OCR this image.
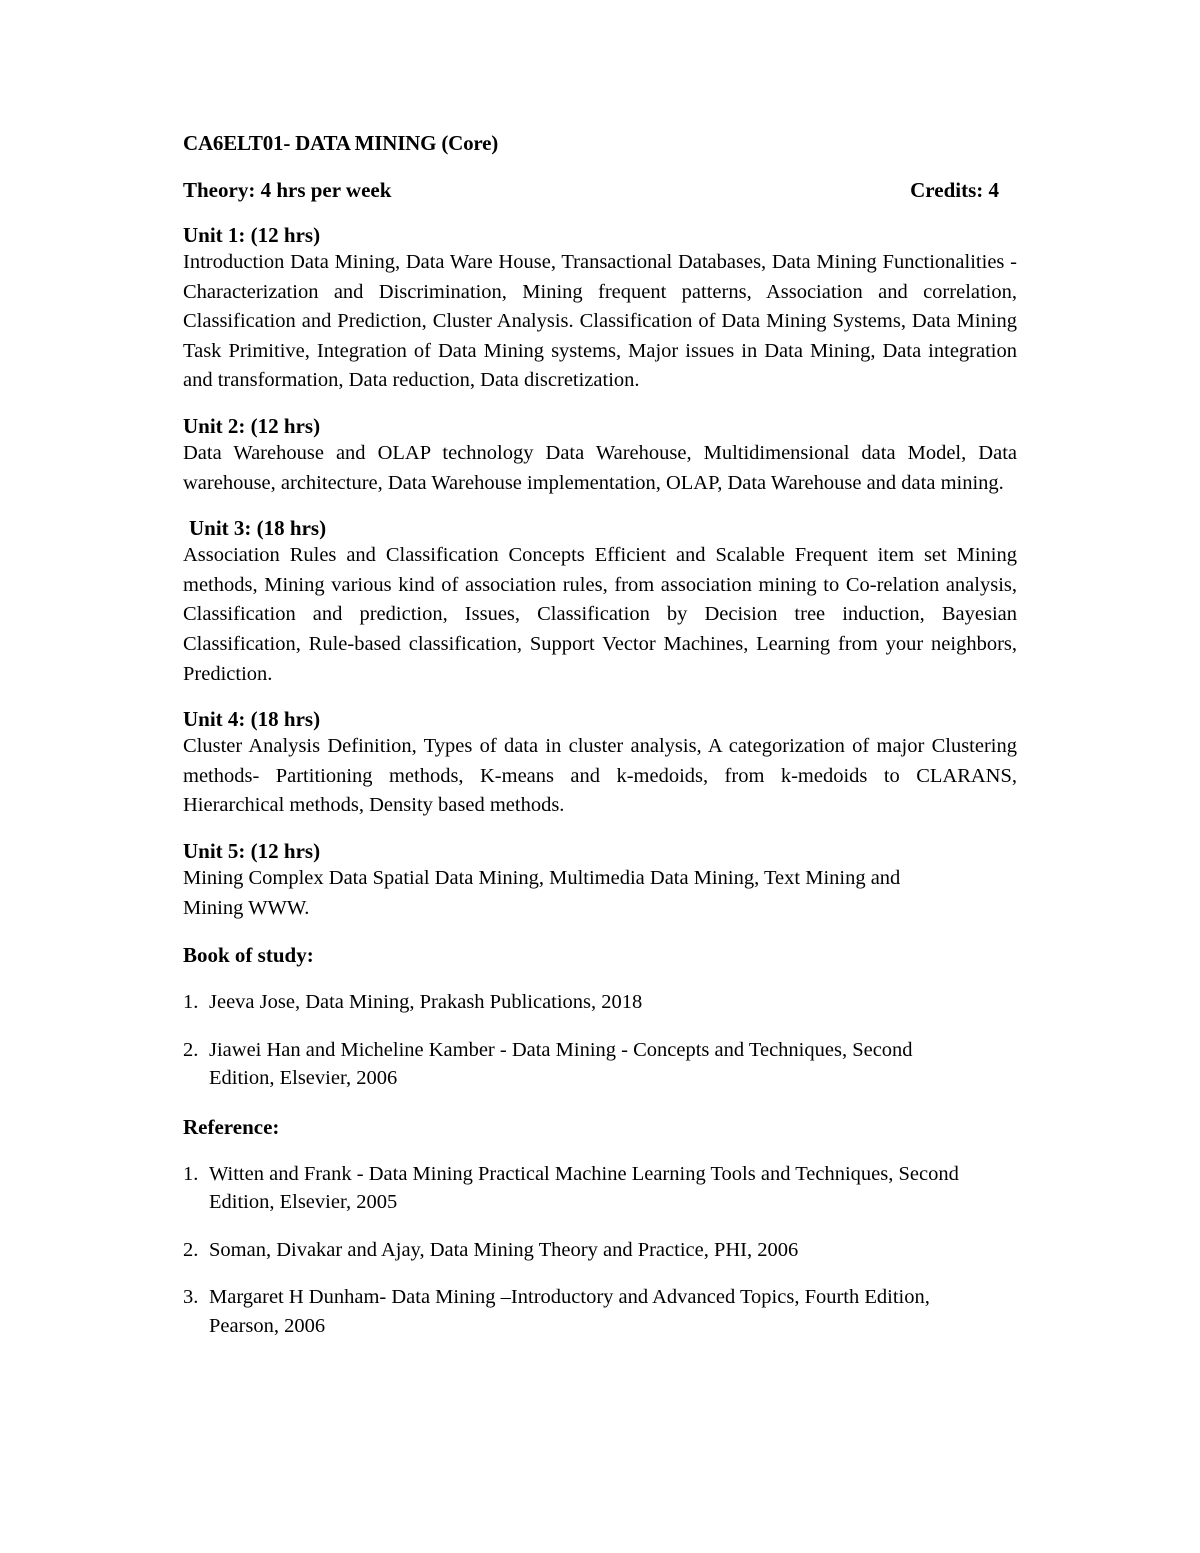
CA6ELT01- DATA MINING (Core)
Theory: 4 hrs per week	Credits: 4
Unit 1: (12 hrs)
Introduction Data Mining, Data Ware House, Transactional Databases, Data Mining Functionalities - Characterization and Discrimination, Mining frequent patterns, Association and correlation, Classification and Prediction, Cluster Analysis. Classification of Data Mining Systems, Data Mining Task Primitive, Integration of Data Mining systems, Major issues in Data Mining, Data integration and transformation, Data reduction, Data discretization.
Unit 2: (12 hrs)
Data Warehouse and OLAP technology Data Warehouse, Multidimensional data Model, Data warehouse, architecture, Data Warehouse implementation, OLAP, Data Warehouse and data mining.
Unit 3: (18 hrs)
Association Rules and Classification Concepts Efficient and Scalable Frequent item set Mining methods, Mining various kind of association rules, from association mining to Co-relation analysis, Classification and prediction, Issues, Classification by Decision tree induction, Bayesian Classification, Rule-based classification, Support Vector Machines, Learning from your neighbors, Prediction.
Unit 4: (18 hrs)
Cluster Analysis Definition, Types of data in cluster analysis, A categorization of major Clustering methods- Partitioning methods, K-means and k-medoids, from k-medoids to CLARANS, Hierarchical methods, Density based methods.
Unit 5: (12 hrs)
Mining Complex Data Spatial Data Mining, Multimedia Data Mining, Text Mining and Mining WWW.
Book of study:
1. Jeeva Jose, Data Mining, Prakash Publications, 2018
2. Jiawei Han and Micheline Kamber - Data Mining - Concepts and Techniques, Second Edition, Elsevier, 2006
Reference:
1. Witten and Frank - Data Mining Practical Machine Learning Tools and Techniques, Second Edition, Elsevier, 2005
2. Soman, Divakar and Ajay, Data Mining Theory and Practice, PHI, 2006
3. Margaret H Dunham- Data Mining –Introductory and Advanced Topics, Fourth Edition, Pearson, 2006
